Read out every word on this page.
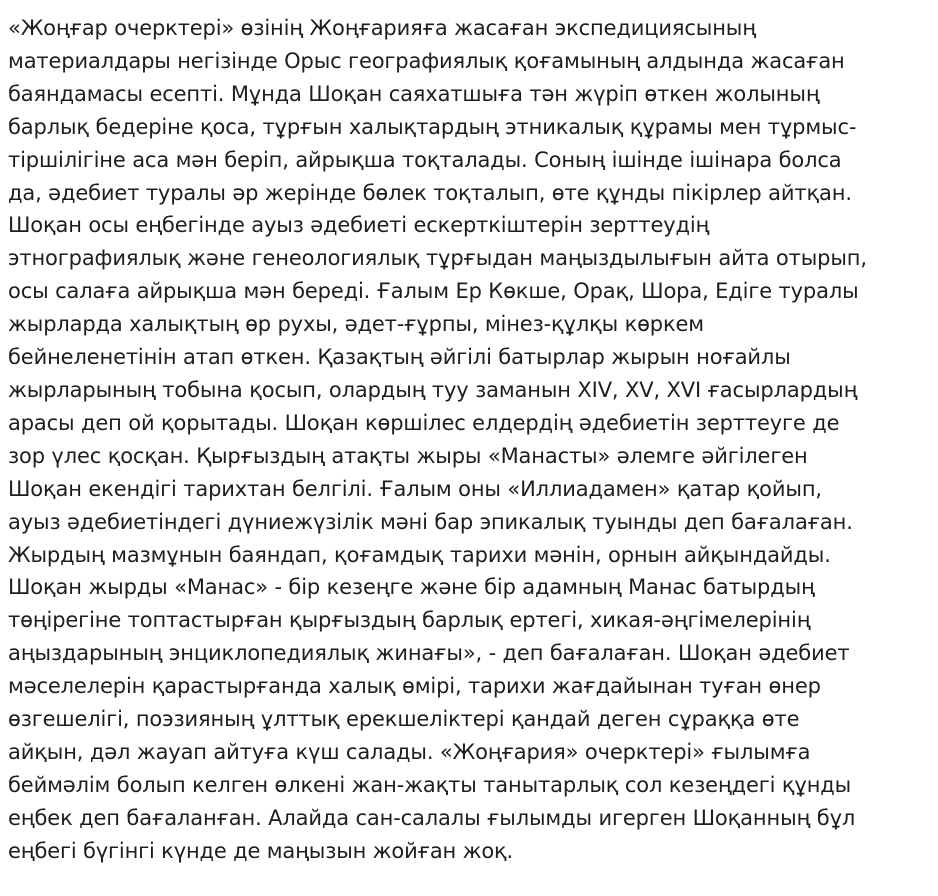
«Жоңғар очерктері» өзінің Жоңғарияға жасаған экспедициясының
материалдары негізінде Орыс географиялық қоғамының алдында жасаған
баяндамасы есепті. Мұнда Шоқан саяхатшыға тән жүріп өткен жолының
барлық бедеріне қоса, тұрғын халықтардың этникалық құрамы мен тұрмыс-
тіршілігіне аса мән беріп, айрықша тоқталады. Соның ішінде ішінара болса
да, әдебиет туралы әр жерінде бөлек тоқталып, өте құнды пікірлер айтқан.
Шоқан осы еңбегінде ауыз әдебиеті ескерткіштерін зерттеудің
этнографиялық және генеологиялық тұрғыдан маңыздылығын айта отырып,
осы салаға айрықша мән береді. Ғалым Ер Көкше, Орақ, Шора, Едіге туралы
жырларда халықтың өр рухы, әдет-ғұрпы, мінез-құлқы көркем
бейнеленетінін атап өткен. Қазақтың әйгілі батырлар жырын ноғайлы
жырларының тобына қосып, олардың туу заманын XIV, XV, XVI ғасырлардың
арасы деп ой қорытады. Шоқан көршілес елдердің әдебиетін зерттеуге де
зор үлес қосқан. Қырғыздың атақты жыры «Манасты» әлемге әйгілеген
Шоқан екендігі тарихтан белгілі. Ғалым оны «Иллиадамен» қатар қойып,
ауыз әдебиетіндегі дүниежүзілік мәні бар эпикалық туынды деп бағалаған.
Жырдың мазмұнын баяндап, қоғамдық тарихи мәнін, орнын айқындайды.
Шоқан жырды «Манас» - бір кезеңге және бір адамның Манас батырдың
төңірегіне топтастырған қырғыздың барлық ертегі, хикая-әңгімелерінің
аңыздарының энциклопедиялық жинағы», - деп бағалаған. Шоқан әдебиет
мәселелерін қарастырғанда халық өмірі, тарихи жағдайынан туған өнер
өзгешелігі, поэзияның ұлттық ерекшеліктері қандай деген сұраққа өте
айқын, дәл жауап айтуға күш салады. «Жоңғария» очерктері» ғылымға
беймәлім болып келген өлкені жан-жақты танытарлық сол кезеңдегі құнды
еңбек деп бағаланған. Алайда сан-салалы ғылымды игерген Шоқанның бұл
еңбегі бүгінгі күнде де маңызын жойған жоқ.
